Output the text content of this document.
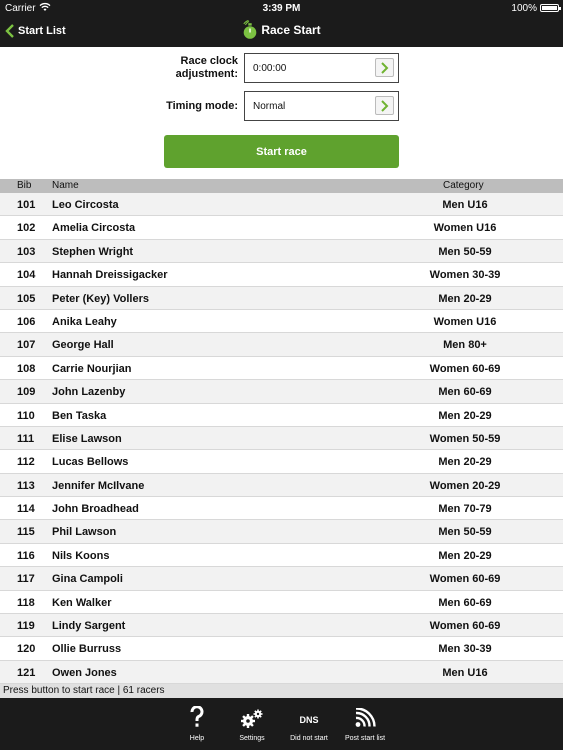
Carrier	3:39 PM	100%
Start List	Race Start
Race clock adjustment: 0:00:00
Timing mode: Normal
Start race
Bib Name	Category
101 Leo Circosta	Men U16
102 Amelia Circosta	Women U16
103 Stephen Wright	Men 50-59
104 Hannah Dreissigacker	Women 30-39
105 Peter (Key) Vollers	Men 20-29
106 Anika Leahy	Women U16
107 George Hall	Men 80+
108 Carrie Nourjian	Women 60-69
109 John Lazenby	Men 60-69
110 Ben Taska	Men 20-29
111 Elise Lawson	Women 50-59
112 Lucas Bellows	Men 20-29
113 Jennifer McIlvane	Women 20-29
114 John Broadhead	Men 70-79
115 Phil Lawson	Men 50-59
116 Nils Koons	Men 20-29
117 Gina Campoli	Women 60-69
118 Ken Walker	Men 60-69
119 Lindy Sargent	Women 60-69
120 Ollie Burruss	Men 30-39
121 Owen Jones	Men U16
Press button to start race | 61 racers
Help	Settings
DNS
Did not start	Post start list
